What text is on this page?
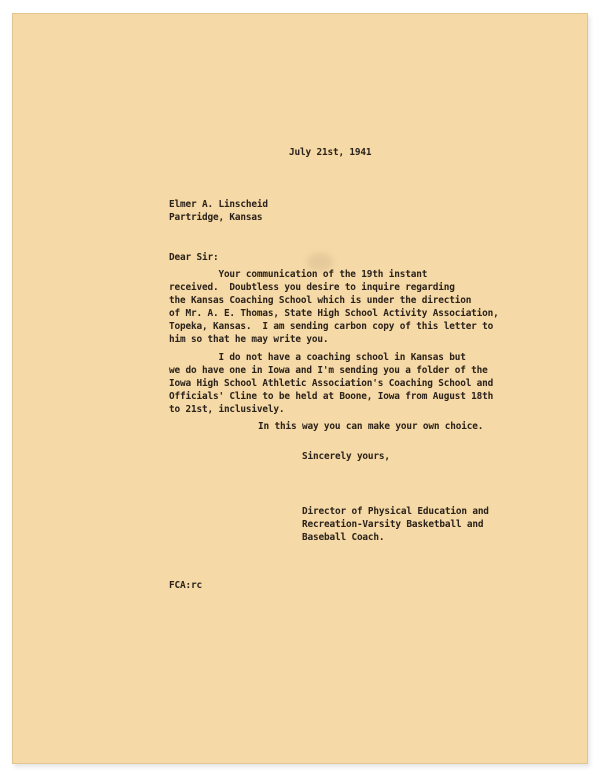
July 21st, 1941
Elmer A. Linscheid
Partridge, Kansas
Dear Sir:
Your communication of the 19th instant
received.  Doubtless you desire to inquire regarding
the Kansas Coaching School which is under the direction
of Mr. A. E. Thomas, State High School Activity Association,
Topeka, Kansas.  I am sending carbon copy of this letter to
him so that he may write you.
I do not have a coaching school in Kansas but
we do have one in Iowa and I'm sending you a folder of the
Iowa High School Athletic Association's Coaching School and
Officials' Cline to be held at Boone, Iowa from August 18th
to 21st, inclusively.
In this way you can make your own choice.
Sincerely yours,
Director of Physical Education and
Recreation-Varsity Basketball and
Baseball Coach.
FCA:rc
